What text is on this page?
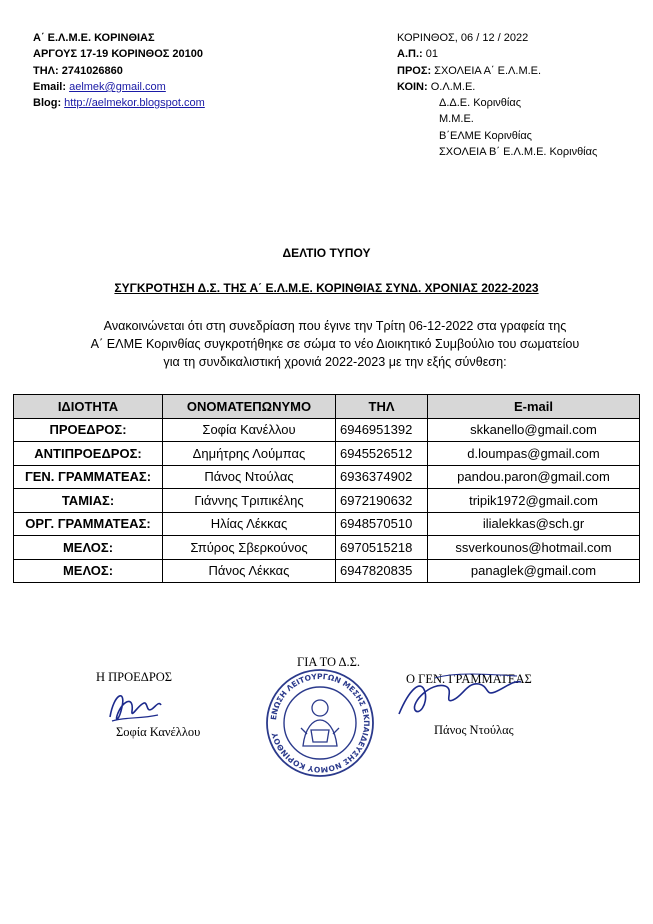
Α΄ Ε.Λ.Μ.Ε. ΚΟΡΙΝΘΙΑΣ
ΑΡΓΟΥΣ 17-19 ΚΟΡΙΝΘΟΣ 20100
ΤΗΛ: 2741026860
Email: aelmek@gmail.com
Blog: http://aelmekor.blogspot.com
ΚΟΡΙΝΘΟΣ, 06 / 12 / 2022
Α.Π.: 01
ΠΡΟΣ: ΣΧΟΛΕΙΑ Α΄ Ε.Λ.Μ.Ε.
ΚΟΙΝ: Ο.Λ.Μ.Ε.
Δ.Δ.Ε. Κορινθίας
Μ.Μ.Ε.
Β΄ΕΛΜΕ Κορινθίας
ΣΧΟΛΕΙΑ Β΄ Ε.Λ.Μ.Ε. Κορινθίας
ΔΕΛΤΙΟ ΤΥΠΟΥ
ΣΥΓΚΡΟΤΗΣΗ Δ.Σ. ΤΗΣ Α΄ Ε.Λ.Μ.Ε. ΚΟΡΙΝΘΙΑΣ ΣΥΝΔ. ΧΡΟΝΙΑΣ 2022-2023
Ανακοινώνεται ότι στη συνεδρίαση που έγινε την Τρίτη 06-12-2022 στα γραφεία της
Α΄ ΕΛΜΕ Κορινθίας συγκροτήθηκε σε σώμα το νέο Διοικητικό Συμβούλιο του σωματείου
για τη συνδικαλιστική χρονιά 2022-2023 με την εξής σύνθεση:
ΙΔΙΟΤΗΤΑ	ΟΝΟΜΑΤΕΠΩΝΥΜΟ	ΤΗΛ	E-mail
ΠΡΟΕΔΡΟΣ:	Σοφία Κανέλλου	6946951392	skkanello@gmail.com
ΑΝΤΙΠΡΟΕΔΡΟΣ:	Δημήτρης Λούμπας	6945526512	d.loumpas@gmail.com
ΓΕΝ. ΓΡΑΜΜΑΤΕΑΣ:	Πάνος Ντούλας	6936374902	pandou.paron@gmail.com
ΤΑΜΙΑΣ:	Γιάννης Τριπικέλης	6972190632	tripik1972@gmail.com
ΟΡΓ. ΓΡΑΜΜΑΤΕΑΣ:	Ηλίας Λέκκας	6948570510	ilialekkas@sch.gr
ΜΕΛΟΣ:	Σπύρος Σβερκούνος	6970515218	ssverkounos@hotmail.com
ΜΕΛΟΣ:	Πάνος Λέκκας	6947820835	panaglek@gmail.com
ΓΙΑ ΤΟ Δ.Σ.
Η ΠΡΟΕΔΡΟΣ
Σοφία Κανέλλου
Ο ΓΕΝ. ΓΡΑΜΜΑΤΕΑΣ
Πάνος Ντούλας
ΕΝΩΣΗ ΛΕΙΤΟΥΡΓΩΝ ΜΕΣΗΣ ΕΚΠΑΙΔΕΥΣΗΣ ΝΟΜΟΥ ΚΟΡΙΝΘΟΥ
